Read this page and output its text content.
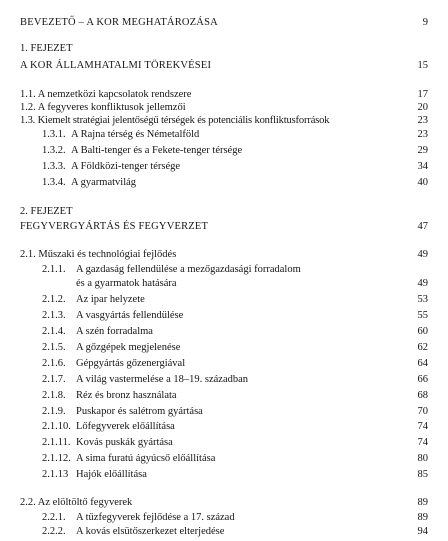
BEVEZETŐ – A KOR MEGHATÁROZÁSA	9
1. FEJEZET
A KOR ÁLLAMHATALMI TÖREKVÉSEI	15
1.1. A nemzetközi kapcsolatok rendszere	17
1.2. A fegyveres konfliktusok jellemzői	20
1.3. Kiemelt stratégiai jelentőségű térségek és potenciális konfliktusforrások	23
1.3.1. A Rajna térség és Németalföld	23
1.3.2. A Balti-tenger és a Fekete-tenger térsége	29
1.3.3. A Földközi-tenger térsége	34
1.3.4. A gyarmatvilág	40
2. FEJEZET
FEGYVERGYÁRTÁS ÉS FEGYVERZET	47
2.1. Műszaki és technológiai fejlődés	49
2.1.1. A gazdaság fellendülése a mezőgazdasági forradalom
és a gyarmatok hatására	49
2.1.2. Az ipar helyzete	53
2.1.3. A vasgyártás fellendülése	55
2.1.4. A szén forradalma	60
2.1.5. A gőzgépek megjelenése	62
2.1.6. Gépgyártás gőzenergiával	64
2.1.7. A világ vastermelése a 18–19. században	66
2.1.8. Réz és bronz használata	68
2.1.9. Puskapor és salétrom gyártása	70
2.1.10. Lőfegyverek előállítása	74
2.1.11. Kovás puskák gyártása	74
2.1.12. A sima furatú ágyúcső előállítása	80
2.1.13 Hajók előállítása	85
2.2. Az elöltöltő fegyverek	89
2.2.1. A tűzfegyverek fejlődése a 17. század	89
2.2.2. A kovás elsütőszerkezet elterjedése	94
